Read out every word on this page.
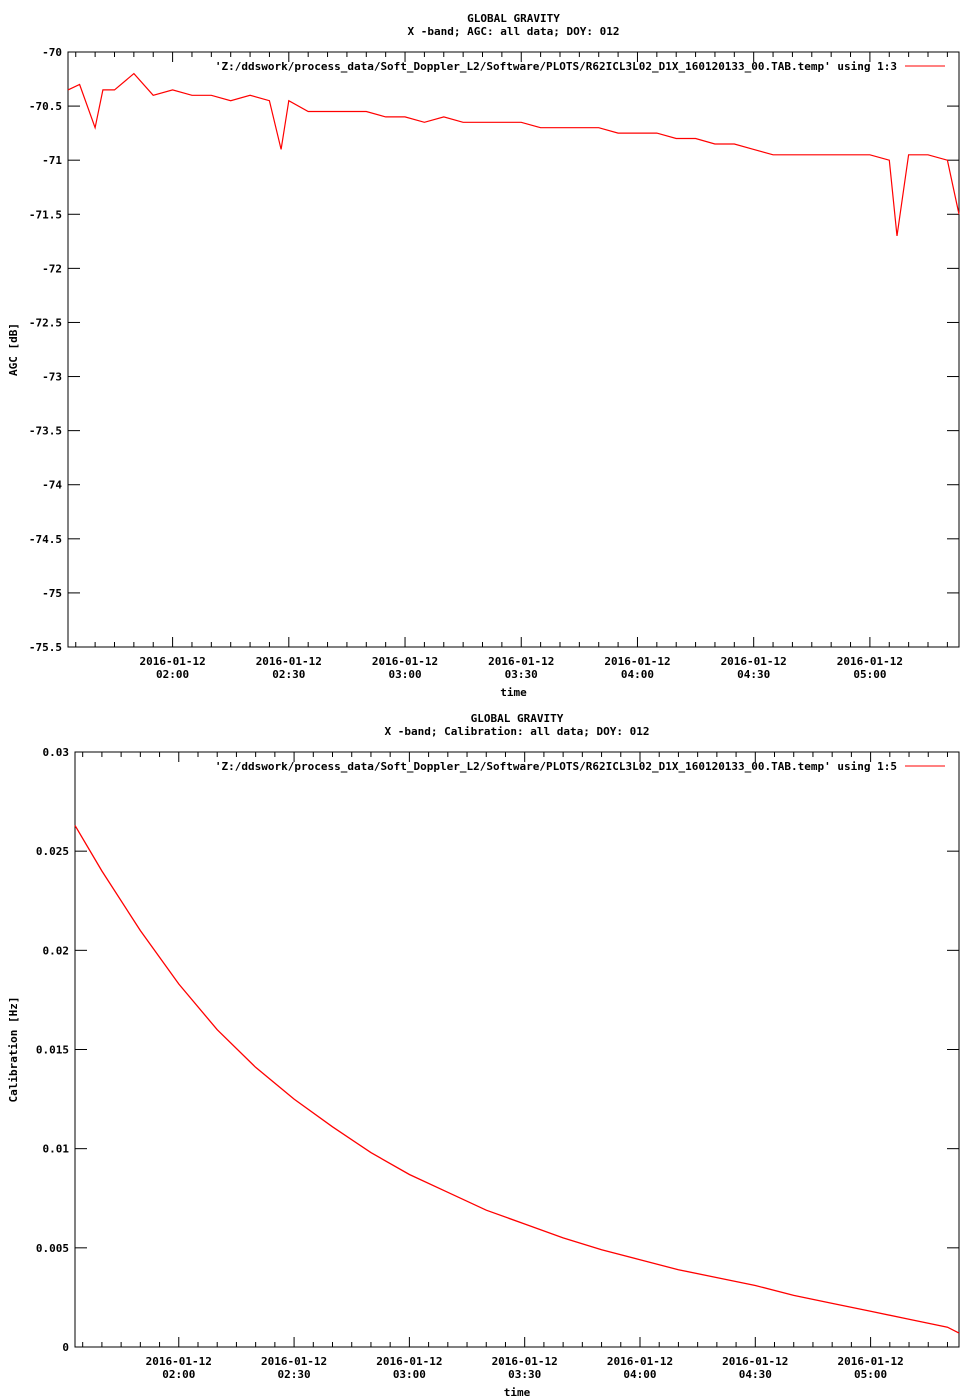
GLOBAL GRAVITY
X -band; AGC: all data; DOY: 012
-70
-70.5
-71
-71.5
-72
-72.5
-73
-73.5
-74
-74.5
-75
-75.5
2016-01-12
02:00
2016-01-12
02:30
2016-01-12
03:00
2016-01-12
03:30
2016-01-12
04:00
2016-01-12
04:30
2016-01-12
05:00
time
AGC [dB]
'Z:/ddswork/process_data/Soft_Doppler_L2/Software/PLOTS/R62ICL3L02_D1X_160120133_00.TAB.temp' using 1:3
GLOBAL GRAVITY
X -band; Calibration: all data; DOY: 012
0
0.005
0.01
0.015
0.02
0.025
0.03
2016-01-12
02:00
2016-01-12
02:30
2016-01-12
03:00
2016-01-12
03:30
2016-01-12
04:00
2016-01-12
04:30
2016-01-12
05:00
time
Calibration [Hz]
'Z:/ddswork/process_data/Soft_Doppler_L2/Software/PLOTS/R62ICL3L02_D1X_160120133_00.TAB.temp' using 1:5
